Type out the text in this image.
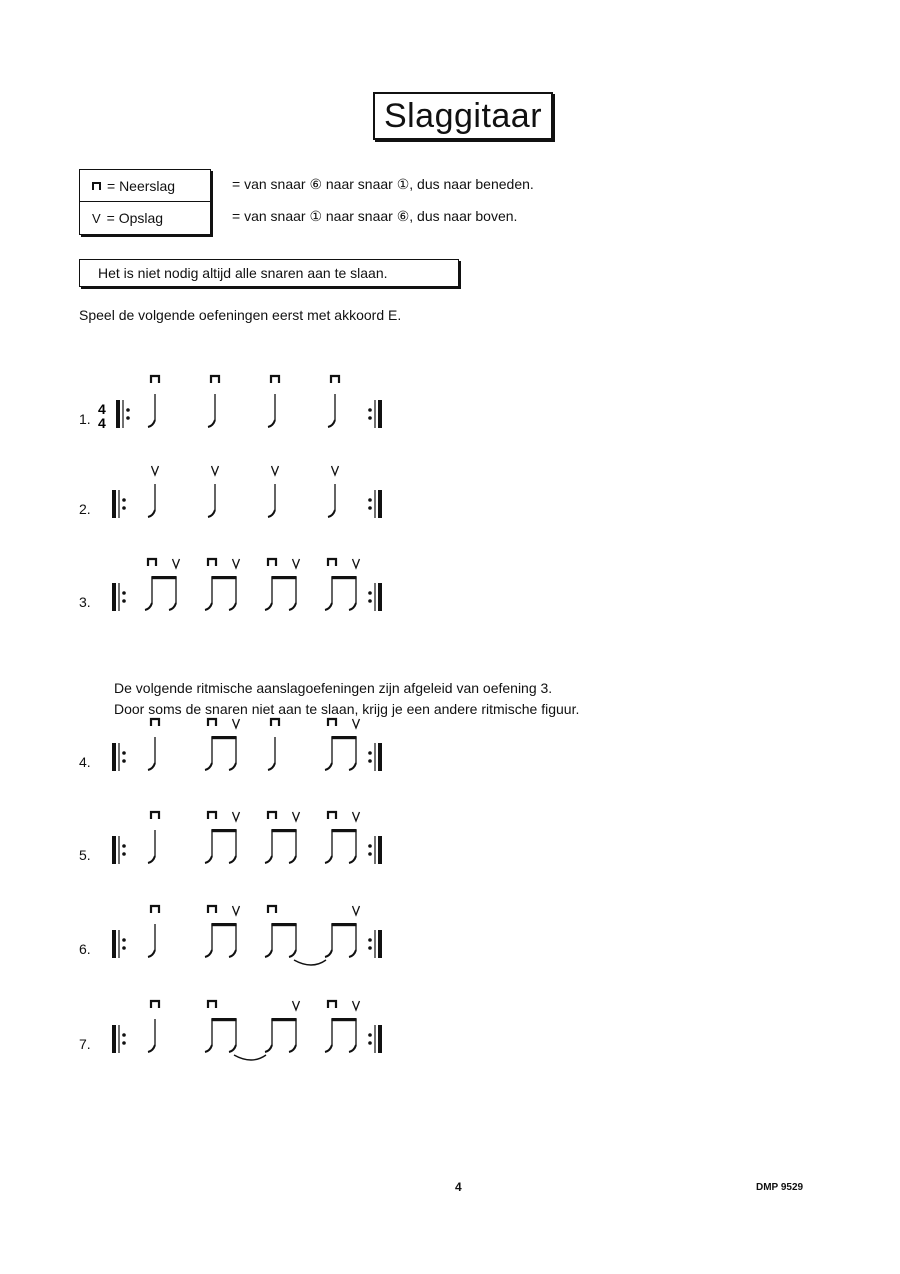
Slaggitaar
= Neerslag
V = Opslag
= van snaar ⑥ naar snaar ①, dus naar beneden.
= van snaar ① naar snaar ⑥, dus naar boven.
Het is niet nodig altijd alle snaren aan te slaan.
Speel de volgende oefeningen eerst met akkoord E.
De volgende ritmische aanslagoefeningen zijn afgeleid van oefening 3.
Door soms de snaren niet aan te slaan, krijg je een andere ritmische figuur.
1.
4
4
2.
3.
4.
5.
6.
7.
4	DMP 9529
